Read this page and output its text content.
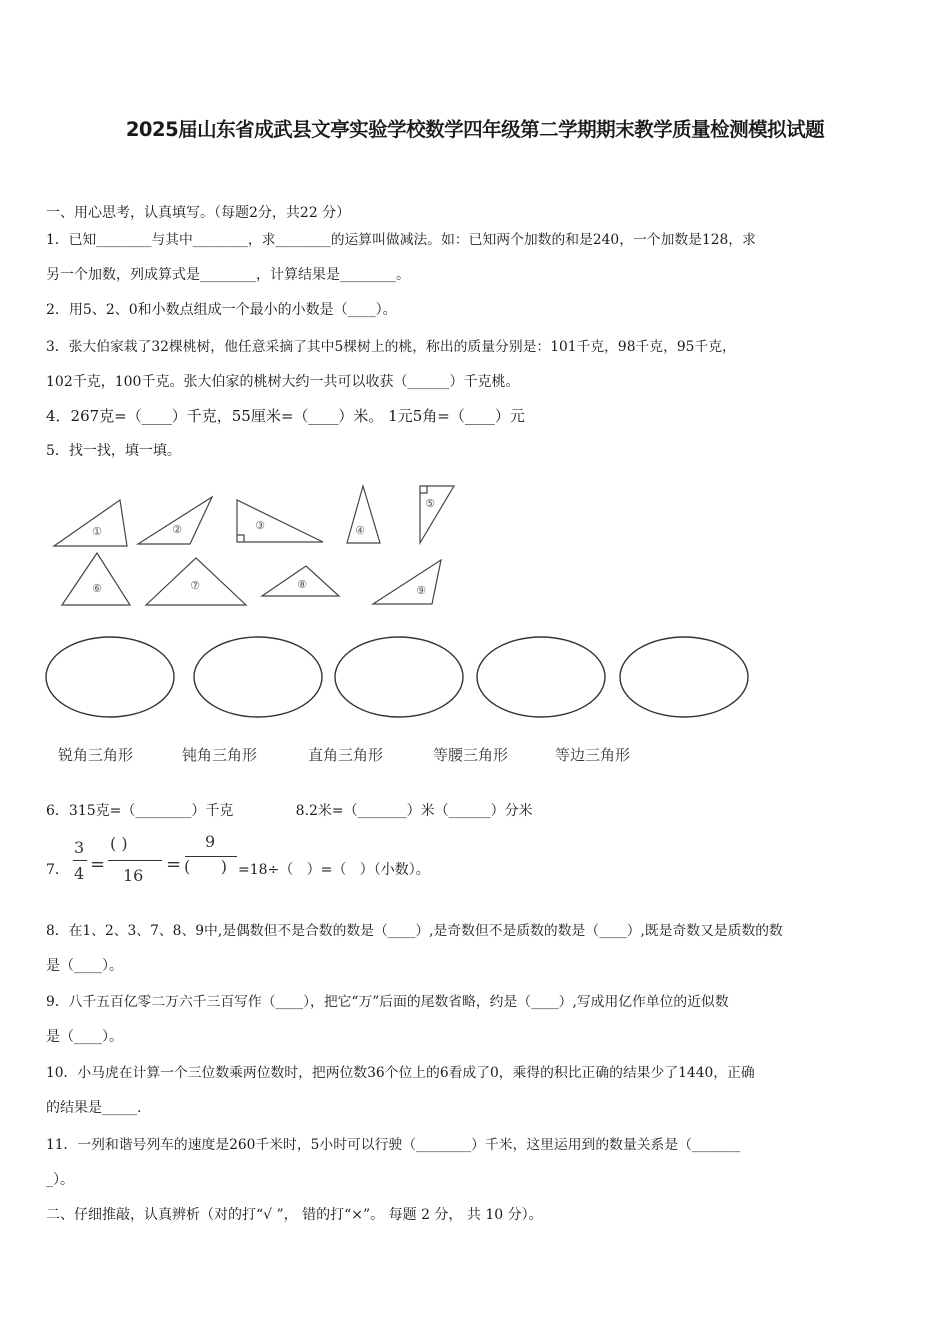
2025届山东省成武县文亭实验学校数学四年级第二学期期末教学质量检测模拟试题
一、用心思考，认真填写。（每题2分，共22 分）
1．已知________与其中________，求________的运算叫做减法。如：已知两个加数的和是240，一个加数是128，求
另一个加数，列成算式是________，计算结果是________。
2．用5、2、0和小数点组成一个最小的小数是（____）。
3．张大伯家栽了32棵桃树，他任意采摘了其中5棵树上的桃，称出的质量分别是：101千克，98千克，95千克，
102千克，100千克。张大伯家的桃树大约一共可以收获（______）千克桃。
4．267克=（____）千克，55厘米=（____）米。 1元5角=（____）元
5．找一找，填一填。
①	②	③	④
⑤
⑥	⑦	⑧	⑨
锐角三角形	钝角三角形	直角三角形	等腰三角形	等边三角形
6．315克=（________）千克              8.2米=（_______）米（______）分米
7．
3
4 =
( )
16
=
9
(      ) =18÷（   ）=（   ）（小数）。
8．在1、2、3、7、8、9中,是偶数但不是合数的数是（____）,是奇数但不是质数的数是（____）,既是奇数又是质数的数
是（____）。
9．八千五百亿零二万六千三百写作（____），把它“万”后面的尾数省略，约是（____）,写成用亿作单位的近似数
是（____）。
10．小马虎在计算一个三位数乘两位数时，把两位数36个位上的6看成了0，乘得的积比正确的结果少了1440，正确
的结果是_____.
11．一列和谐号列车的速度是260千米时，5小时可以行驶（________）千米，这里运用到的数量关系是（_______
_）。
二、仔细推敲，认真辨析（对的打“√ ”， 错的打“×”。 每题 2 分， 共 10 分）。
